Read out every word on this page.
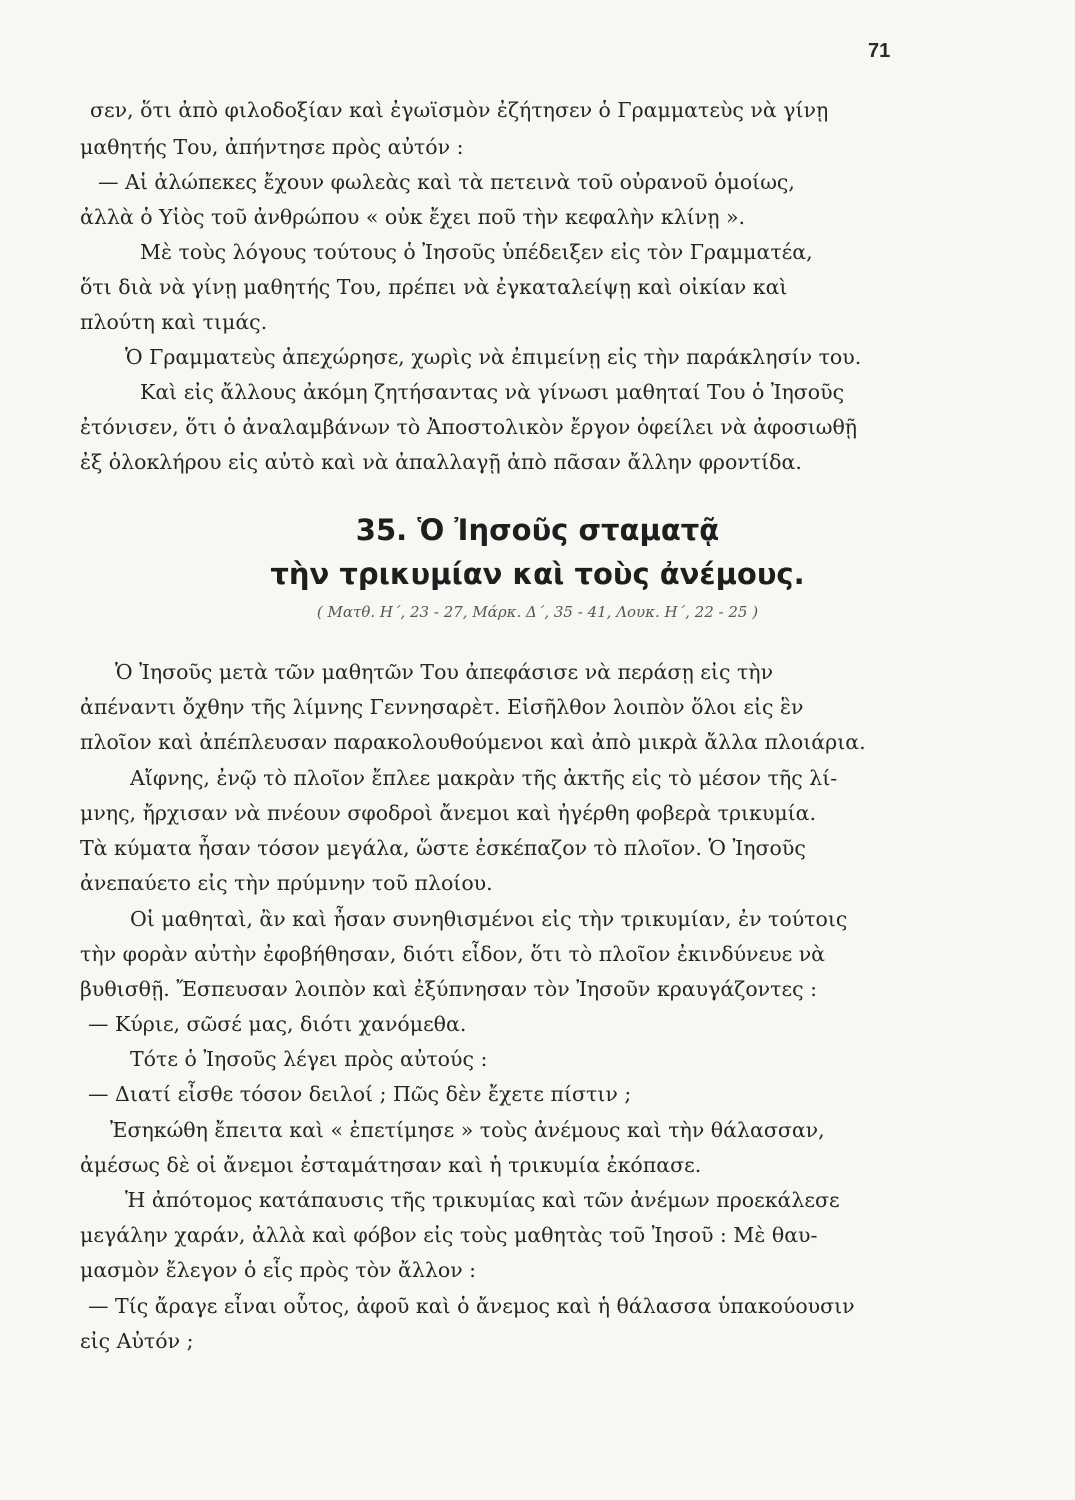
71
σεν, ὅτι ἀπὸ φιλοδοξίαν καὶ ἐγωϊσμὸν ἐζήτησεν ὁ Γραμματεὺς νὰ γίνῃ
μαθητής Του, ἀπήντησε πρὸς αὐτόν :
— Αἱ ἀλώπεκες ἔχουν φωλεὰς καὶ τὰ πετεινὰ τοῦ οὐρανοῦ ὁμοίως,
ἀλλὰ ὁ Υἱὸς τοῦ ἀνθρώπου « οὐκ ἔχει ποῦ τὴν κεφαλὴν κλίνῃ ».
Μὲ τοὺς λόγους τούτους ὁ Ἰησοῦς ὑπέδειξεν εἰς τὸν Γραμματέα,
ὅτι διὰ νὰ γίνῃ μαθητής Του, πρέπει νὰ ἐγκαταλείψῃ καὶ οἰκίαν καὶ
πλούτη καὶ τιμάς.
Ὁ Γραμματεὺς ἀπεχώρησε, χωρὶς νὰ ἐπιμείνῃ εἰς τὴν παράκλησίν του.
Καὶ εἰς ἄλλους ἀκόμη ζητήσαντας νὰ γίνωσι μαθηταί Του ὁ Ἰησοῦς
ἐτόνισεν, ὅτι ὁ ἀναλαμβάνων τὸ Ἀποστολικὸν ἔργον ὀφείλει νὰ ἀφοσιωθῇ
ἐξ ὁλοκλήρου εἰς αὐτὸ καὶ νὰ ἀπαλλαγῇ ἀπὸ πᾶσαν ἄλλην φροντίδα.
35. Ὁ Ἰησοῦς σταματᾷ
τὴν τρικυμίαν καὶ τοὺς ἀνέμους.
( Ματθ. Η΄, 23 - 27, Μάρκ. Δ΄, 35 - 41, Λουκ. Η΄, 22 - 25 )
Ὁ Ἰησοῦς μετὰ τῶν μαθητῶν Του ἀπεφάσισε νὰ περάσῃ εἰς τὴν
ἀπέναντι ὄχθην τῆς λίμνης Γεννησαρὲτ. Εἰσῆλθον λοιπὸν ὅλοι εἰς ἓν
πλοῖον καὶ ἀπέπλευσαν παρακολουθούμενοι καὶ ἀπὸ μικρὰ ἄλλα πλοιάρια.
Αἴφνης, ἐνῷ τὸ πλοῖον ἔπλεε μακρὰν τῆς ἀκτῆς εἰς τὸ μέσον τῆς λί-
μνης, ἤρχισαν νὰ πνέουν σφοδροὶ ἄνεμοι καὶ ἠγέρθη φοβερὰ τρικυμία.
Τὰ κύματα ἦσαν τόσον μεγάλα, ὥστε ἐσκέπαζον τὸ πλοῖον. Ὁ Ἰησοῦς
ἀνεπαύετο εἰς τὴν πρύμνην τοῦ πλοίου.
Οἱ μαθηταὶ, ἂν καὶ ἦσαν συνηθισμένοι εἰς τὴν τρικυμίαν, ἐν τούτοις
τὴν φορὰν αὐτὴν ἐφοβήθησαν, διότι εἶδον, ὅτι τὸ πλοῖον ἐκινδύνευε νὰ
βυθισθῇ. Ἔσπευσαν λοιπὸν καὶ ἐξύπνησαν τὸν Ἰησοῦν κραυγάζοντες :
— Κύριε, σῶσέ μας, διότι χανόμεθα.
Τότε ὁ Ἰησοῦς λέγει πρὸς αὐτούς :
— Διατί εἶσθε τόσον δειλοί ; Πῶς δὲν ἔχετε πίστιν ;
Ἐσηκώθη ἔπειτα καὶ « ἐπετίμησε » τοὺς ἀνέμους καὶ τὴν θάλασσαν,
ἀμέσως δὲ οἱ ἄνεμοι ἐσταμάτησαν καὶ ἡ τρικυμία ἐκόπασε.
Ἡ ἀπότομος κατάπαυσις τῆς τρικυμίας καὶ τῶν ἀνέμων προεκάλεσε
μεγάλην χαράν, ἀλλὰ καὶ φόβον εἰς τοὺς μαθητὰς τοῦ Ἰησοῦ : Μὲ θαυ-
μασμὸν ἔλεγον ὁ εἷς πρὸς τὸν ἄλλον :
— Τίς ἄραγε εἶναι οὗτος, ἀφοῦ καὶ ὁ ἄνεμος καὶ ἡ θάλασσα ὑπακούουσιν
εἰς Αὐτόν ;
